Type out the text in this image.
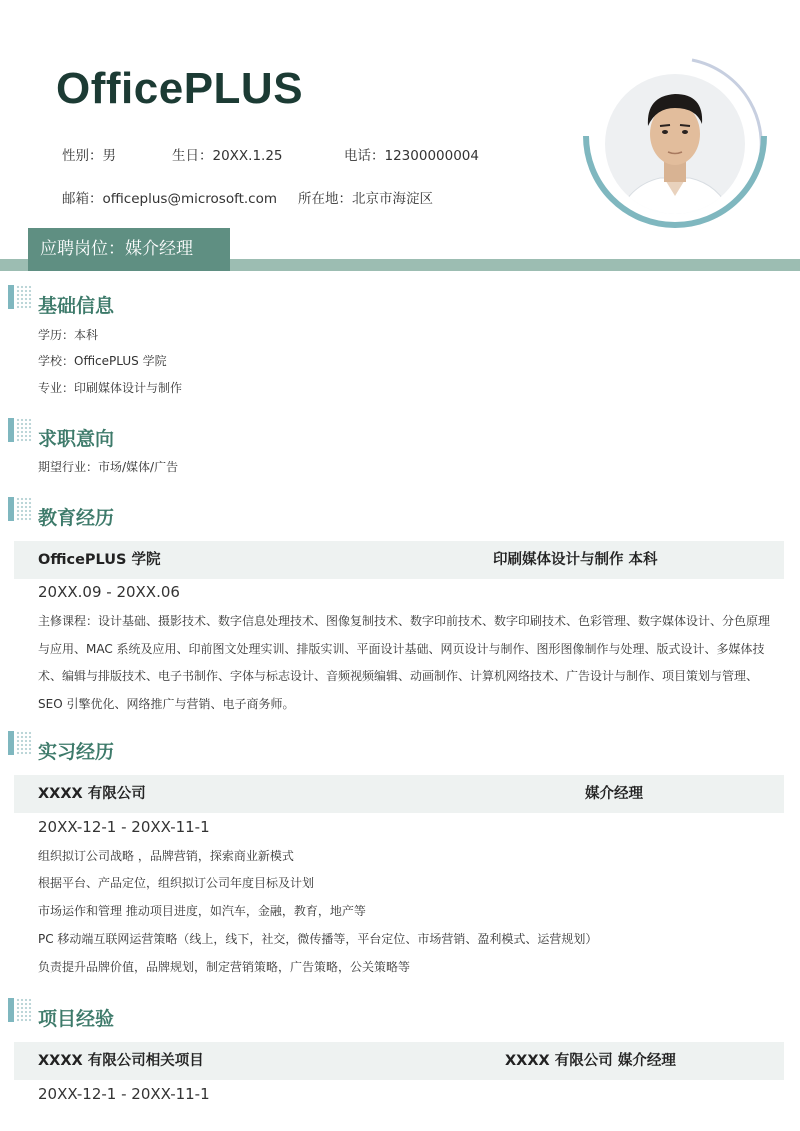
OfficePLUS
性别：男	生日：20XX.1.25	电话：12300000004
邮箱：officeplus@microsoft.com 所在地：北京市海淀区
应聘岗位：媒介经理
基础信息
学历：本科
学校：OfficePLUS 学院
专业：印刷媒体设计与制作
求职意向
期望行业：市场/媒体/广告
教育经历
OfficePLUS 学院	印刷媒体设计与制作 本科
20XX.09 - 20XX.06
主修课程：设计基础、摄影技术、数字信息处理技术、图像复制技术、数字印前技术、数字印刷技术、色彩管理、数字媒体设计、分色原理与应用、MAC 系统及应用、印前图文处理实训、排版实训、平面设计基础、网页设计与制作、图形图像制作与处理、版式设计、多媒体技术、编辑与排版技术、电子书制作、字体与标志设计、音频视频编辑、动画制作、计算机网络技术、广告设计与制作、项目策划与管理、SEO 引擎优化、网络推广与营销、电子商务师。
实习经历
XXXX 有限公司	媒介经理
20XX-12-1 - 20XX-11-1
组织拟订公司战略 ，品牌营销，探索商业新模式
根据平台、产品定位，组织拟订公司年度目标及计划
市场运作和管理 推动项目进度，如汽车，金融，教育，地产等
PC 移动端互联网运营策略（线上，线下，社交，微传播等，平台定位、市场营销、盈利模式、运营规划）
负责提升品牌价值，品牌规划，制定营销策略，广告策略，公关策略等
项目经验
XXXX 有限公司相关项目	XXXX 有限公司 媒介经理
20XX-12-1 - 20XX-11-1
